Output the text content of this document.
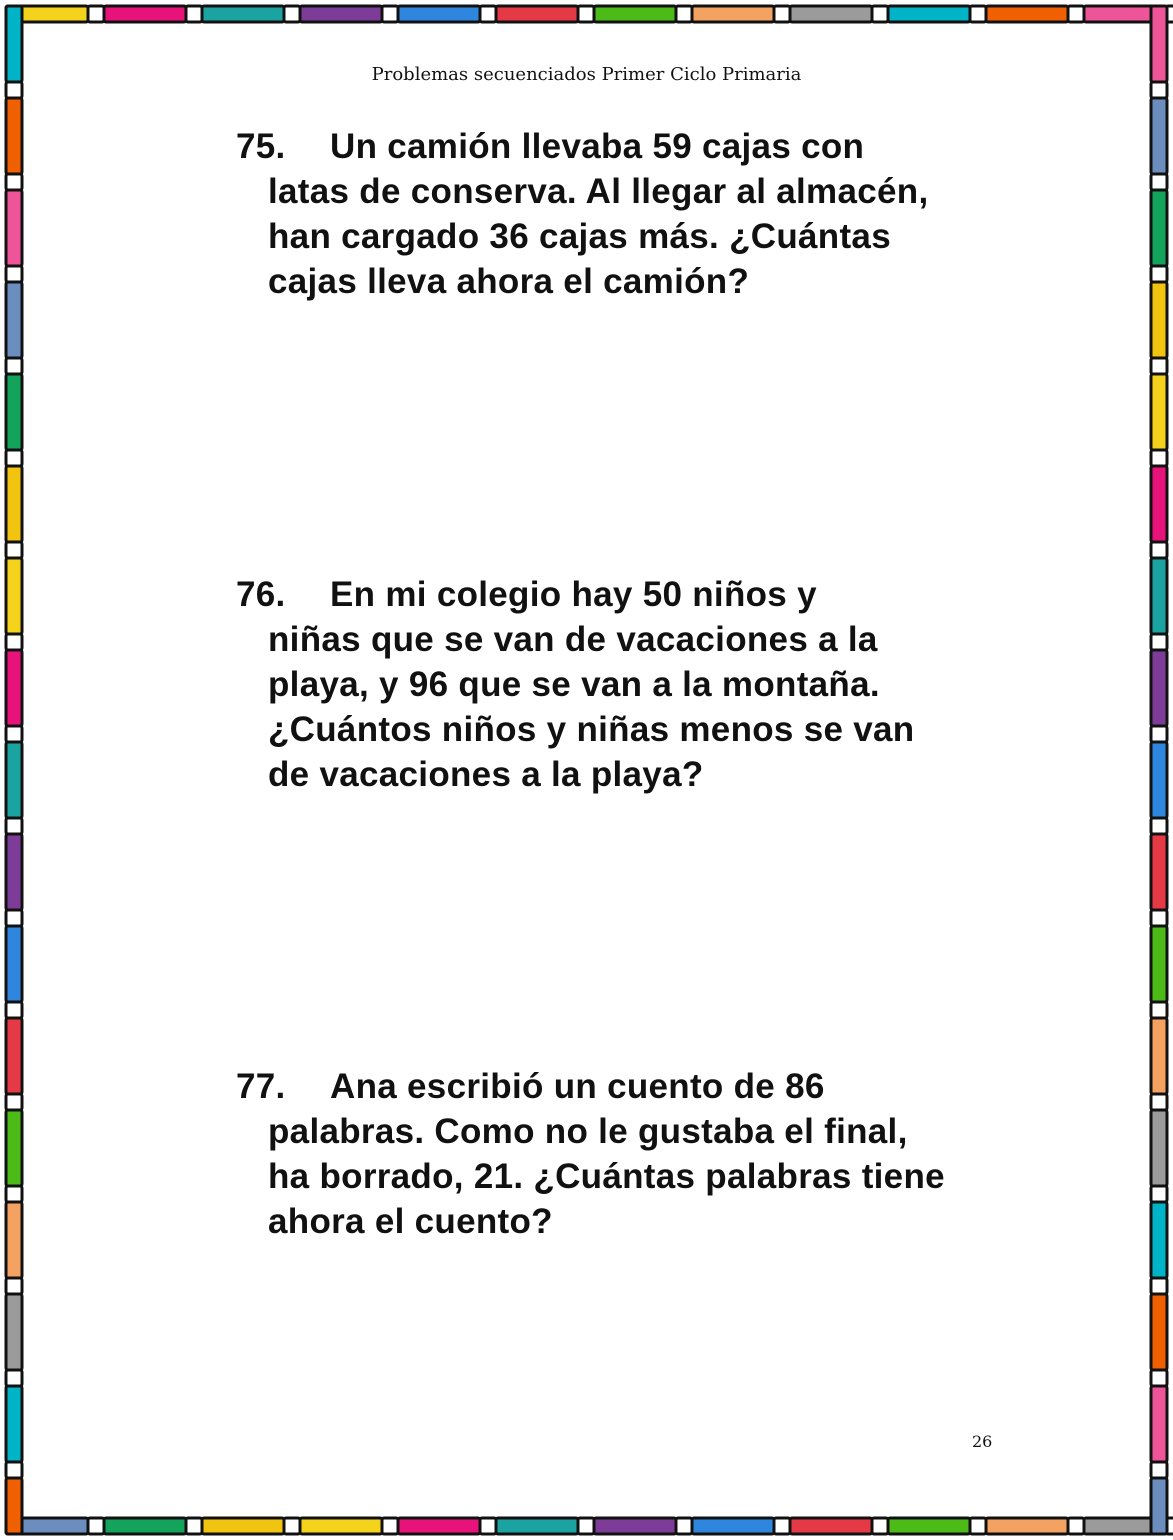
Problemas secuenciados Primer Ciclo Primaria
75. Un camión llevaba 59 cajas con
latas de conserva. Al llegar al almacén,
han cargado 36 cajas más. ¿Cuántas
cajas lleva ahora el camión?
76. En mi colegio hay 50 niños y
niñas que se van de vacaciones a la
playa, y 96 que se van a la montaña.
¿Cuántos niños y niñas menos se van
de vacaciones a la playa?
77. Ana escribió un cuento de 86
palabras. Como no le gustaba el final,
ha borrado, 21. ¿Cuántas palabras tiene
ahora el cuento?
26
